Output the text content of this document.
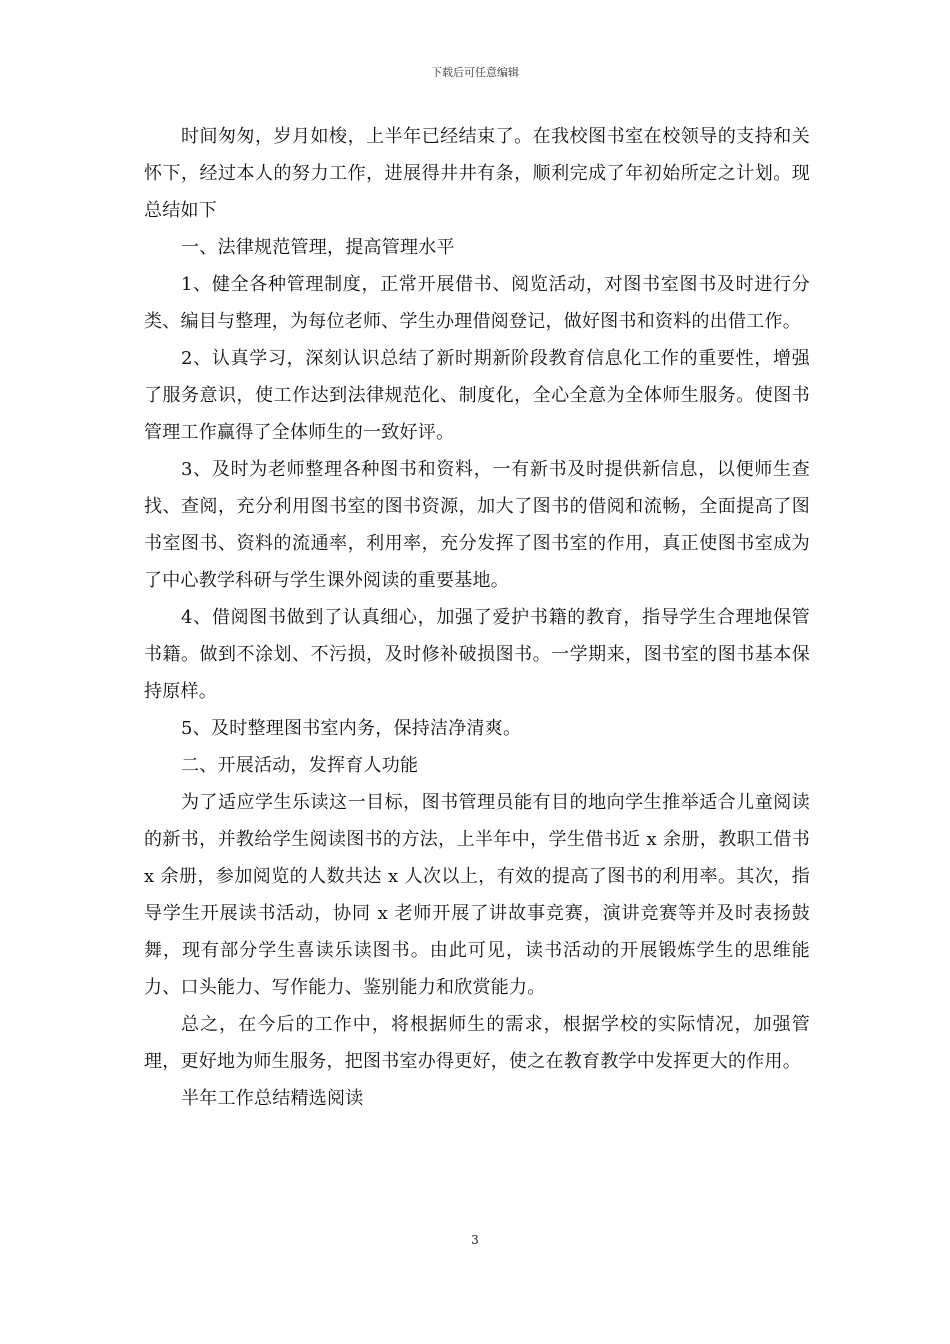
下载后可任意编辑

时间匆匆，岁月如梭，上半年已经结束了。在我校图书室在校领导的支持和关怀下，经过本人的努力工作，进展得井井有条，顺利完成了年初始所定之计划。现总结如下

一、法律规范管理，提高管理水平

1、健全各种管理制度，正常开展借书、阅览活动，对图书室图书及时进行分类、编目与整理，为每位老师、学生办理借阅登记，做好图书和资料的出借工作。

2、认真学习，深刻认识总结了新时期新阶段教育信息化工作的重要性，增强了服务意识，使工作达到法律规范化、制度化，全心全意为全体师生服务。使图书管理工作赢得了全体师生的一致好评。

3、及时为老师整理各种图书和资料，一有新书及时提供新信息，以便师生查找、查阅，充分利用图书室的图书资源，加大了图书的借阅和流畅，全面提高了图书室图书、资料的流通率，利用率，充分发挥了图书室的作用，真正使图书室成为了中心教学科研与学生课外阅读的重要基地。

4、借阅图书做到了认真细心，加强了爱护书籍的教育，指导学生合理地保管书籍。做到不涂划、不污损，及时修补破损图书。一学期来，图书室的图书基本保持原样。

5、及时整理图书室内务，保持洁净清爽。

二、开展活动，发挥育人功能

为了适应学生乐读这一目标，图书管理员能有目的地向学生推举适合儿童阅读的新书，并教给学生阅读图书的方法，上半年中，学生借书近 x 余册，教职工借书 x 余册，参加阅览的人数共达 x 人次以上，有效的提高了图书的利用率。其次，指导学生开展读书活动，协同 x 老师开展了讲故事竞赛，演讲竞赛等并及时表扬鼓舞，现有部分学生喜读乐读图书。由此可见，读书活动的开展锻炼学生的思维能力、口头能力、写作能力、鉴别能力和欣赏能力。

总之，在今后的工作中，将根据师生的需求，根据学校的实际情况，加强管理，更好地为师生服务，把图书室办得更好，使之在教育教学中发挥更大的作用。

半年工作总结精选阅读

3
